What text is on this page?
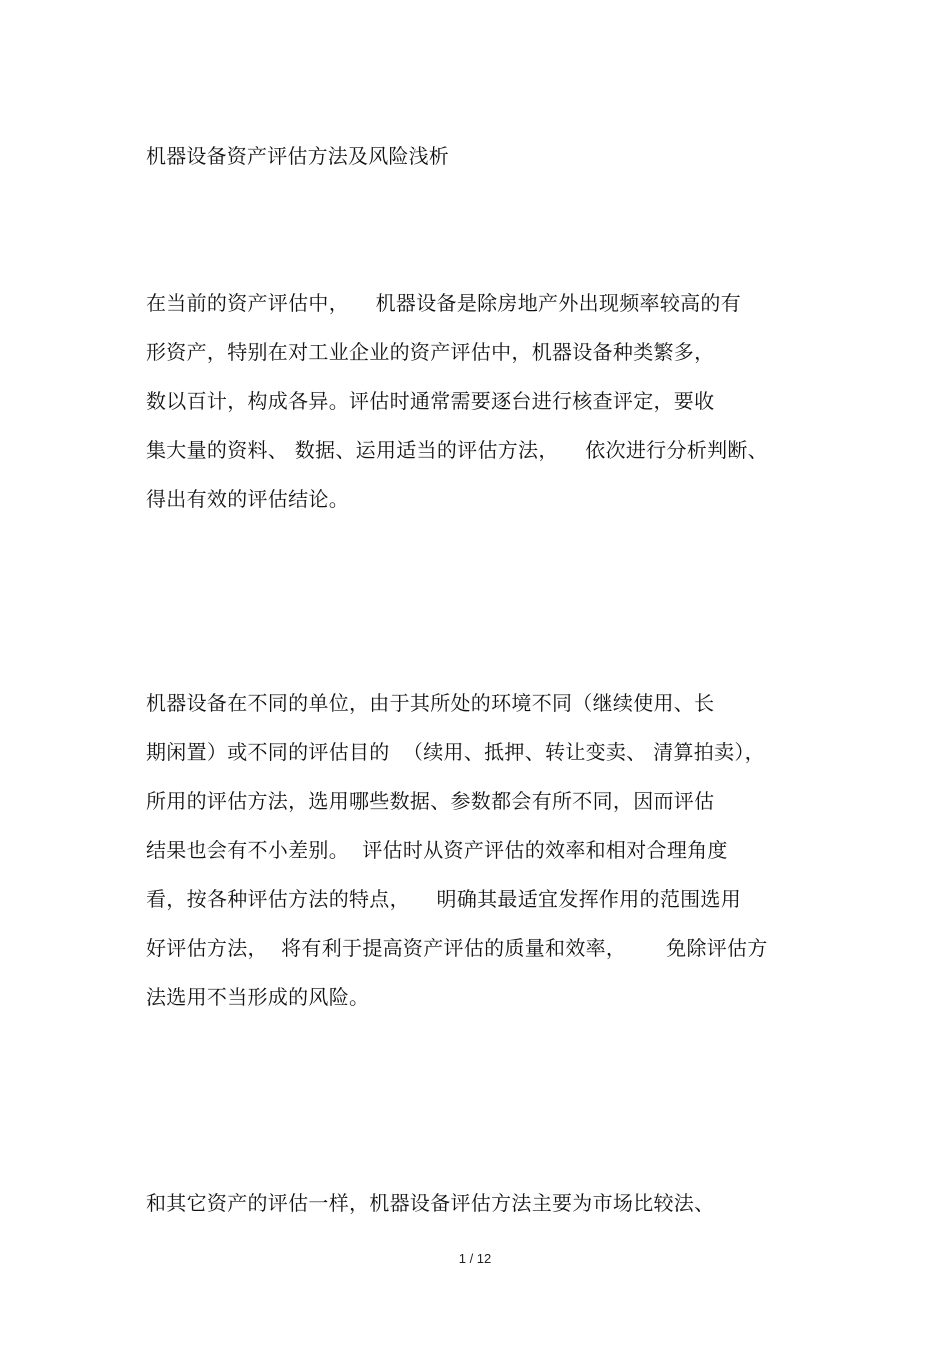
机器设备资产评估方法及风险浅析
在当前的资产评估中，    机器设备是除房地产外出现频率较高的有
形资产，特别在对工业企业的资产评估中，机器设备种类繁多，
数以百计，构成各异。评估时通常需要逐台进行核查评定，要收
集大量的资料、 数据、运用适当的评估方法，    依次进行分析判断、
得出有效的评估结论。
机器设备在不同的单位，由于其所处的环境不同（继续使用、长
期闲置）或不同的评估目的  （续用、抵押、转让变卖、 清算拍卖），
所用的评估方法，选用哪些数据、参数都会有所不同，因而评估
结果也会有不小差别。  评估时从资产评估的效率和相对合理角度
看，按各种评估方法的特点，    明确其最适宜发挥作用的范围选用
好评估方法，  将有利于提高资产评估的质量和效率，      免除评估方
法选用不当形成的风险。
和其它资产的评估一样，机器设备评估方法主要为市场比较法、
1 / 12
